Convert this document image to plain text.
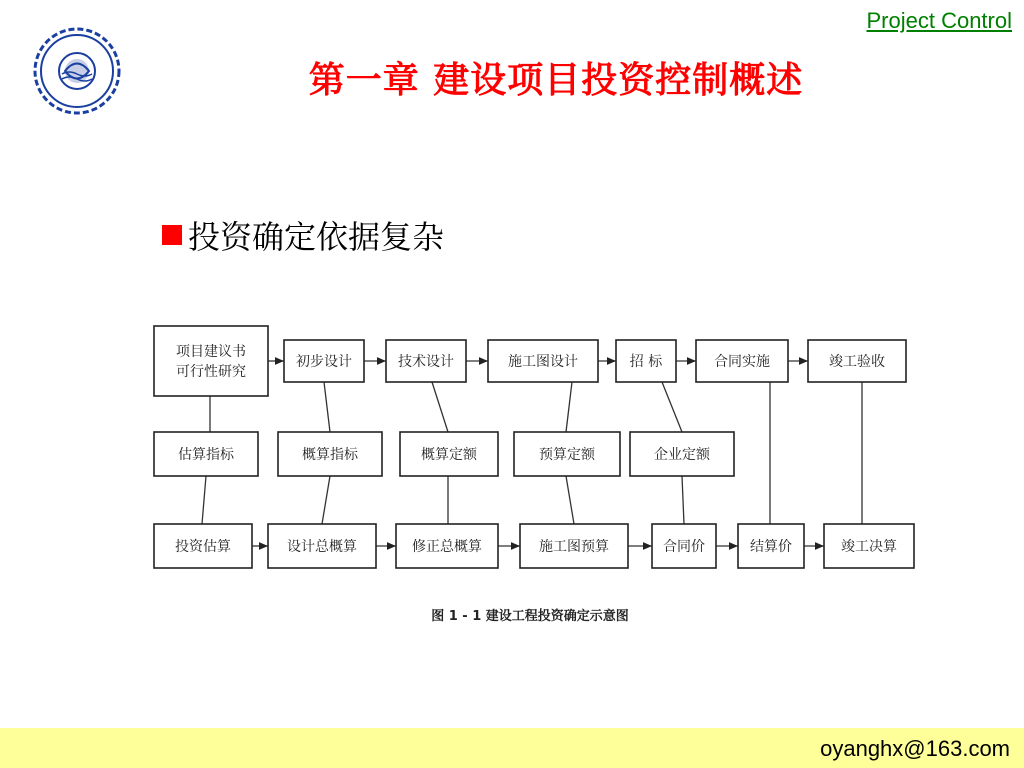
Project Control
第一章 建设项目投资控制概述
投资确定依据复杂
项目建议书
可行性研究
初步设计	技术设计	施工图设计	招 标	合同实施	竣工验收
估算指标	概算指标	概算定额	预算定额	企业定额
投资估算	设计总概算	修正总概算	施工图预算	合同价	结算价	竣工决算
图 1 - 1 建设工程投资确定示意图
oyanghx@163.com
